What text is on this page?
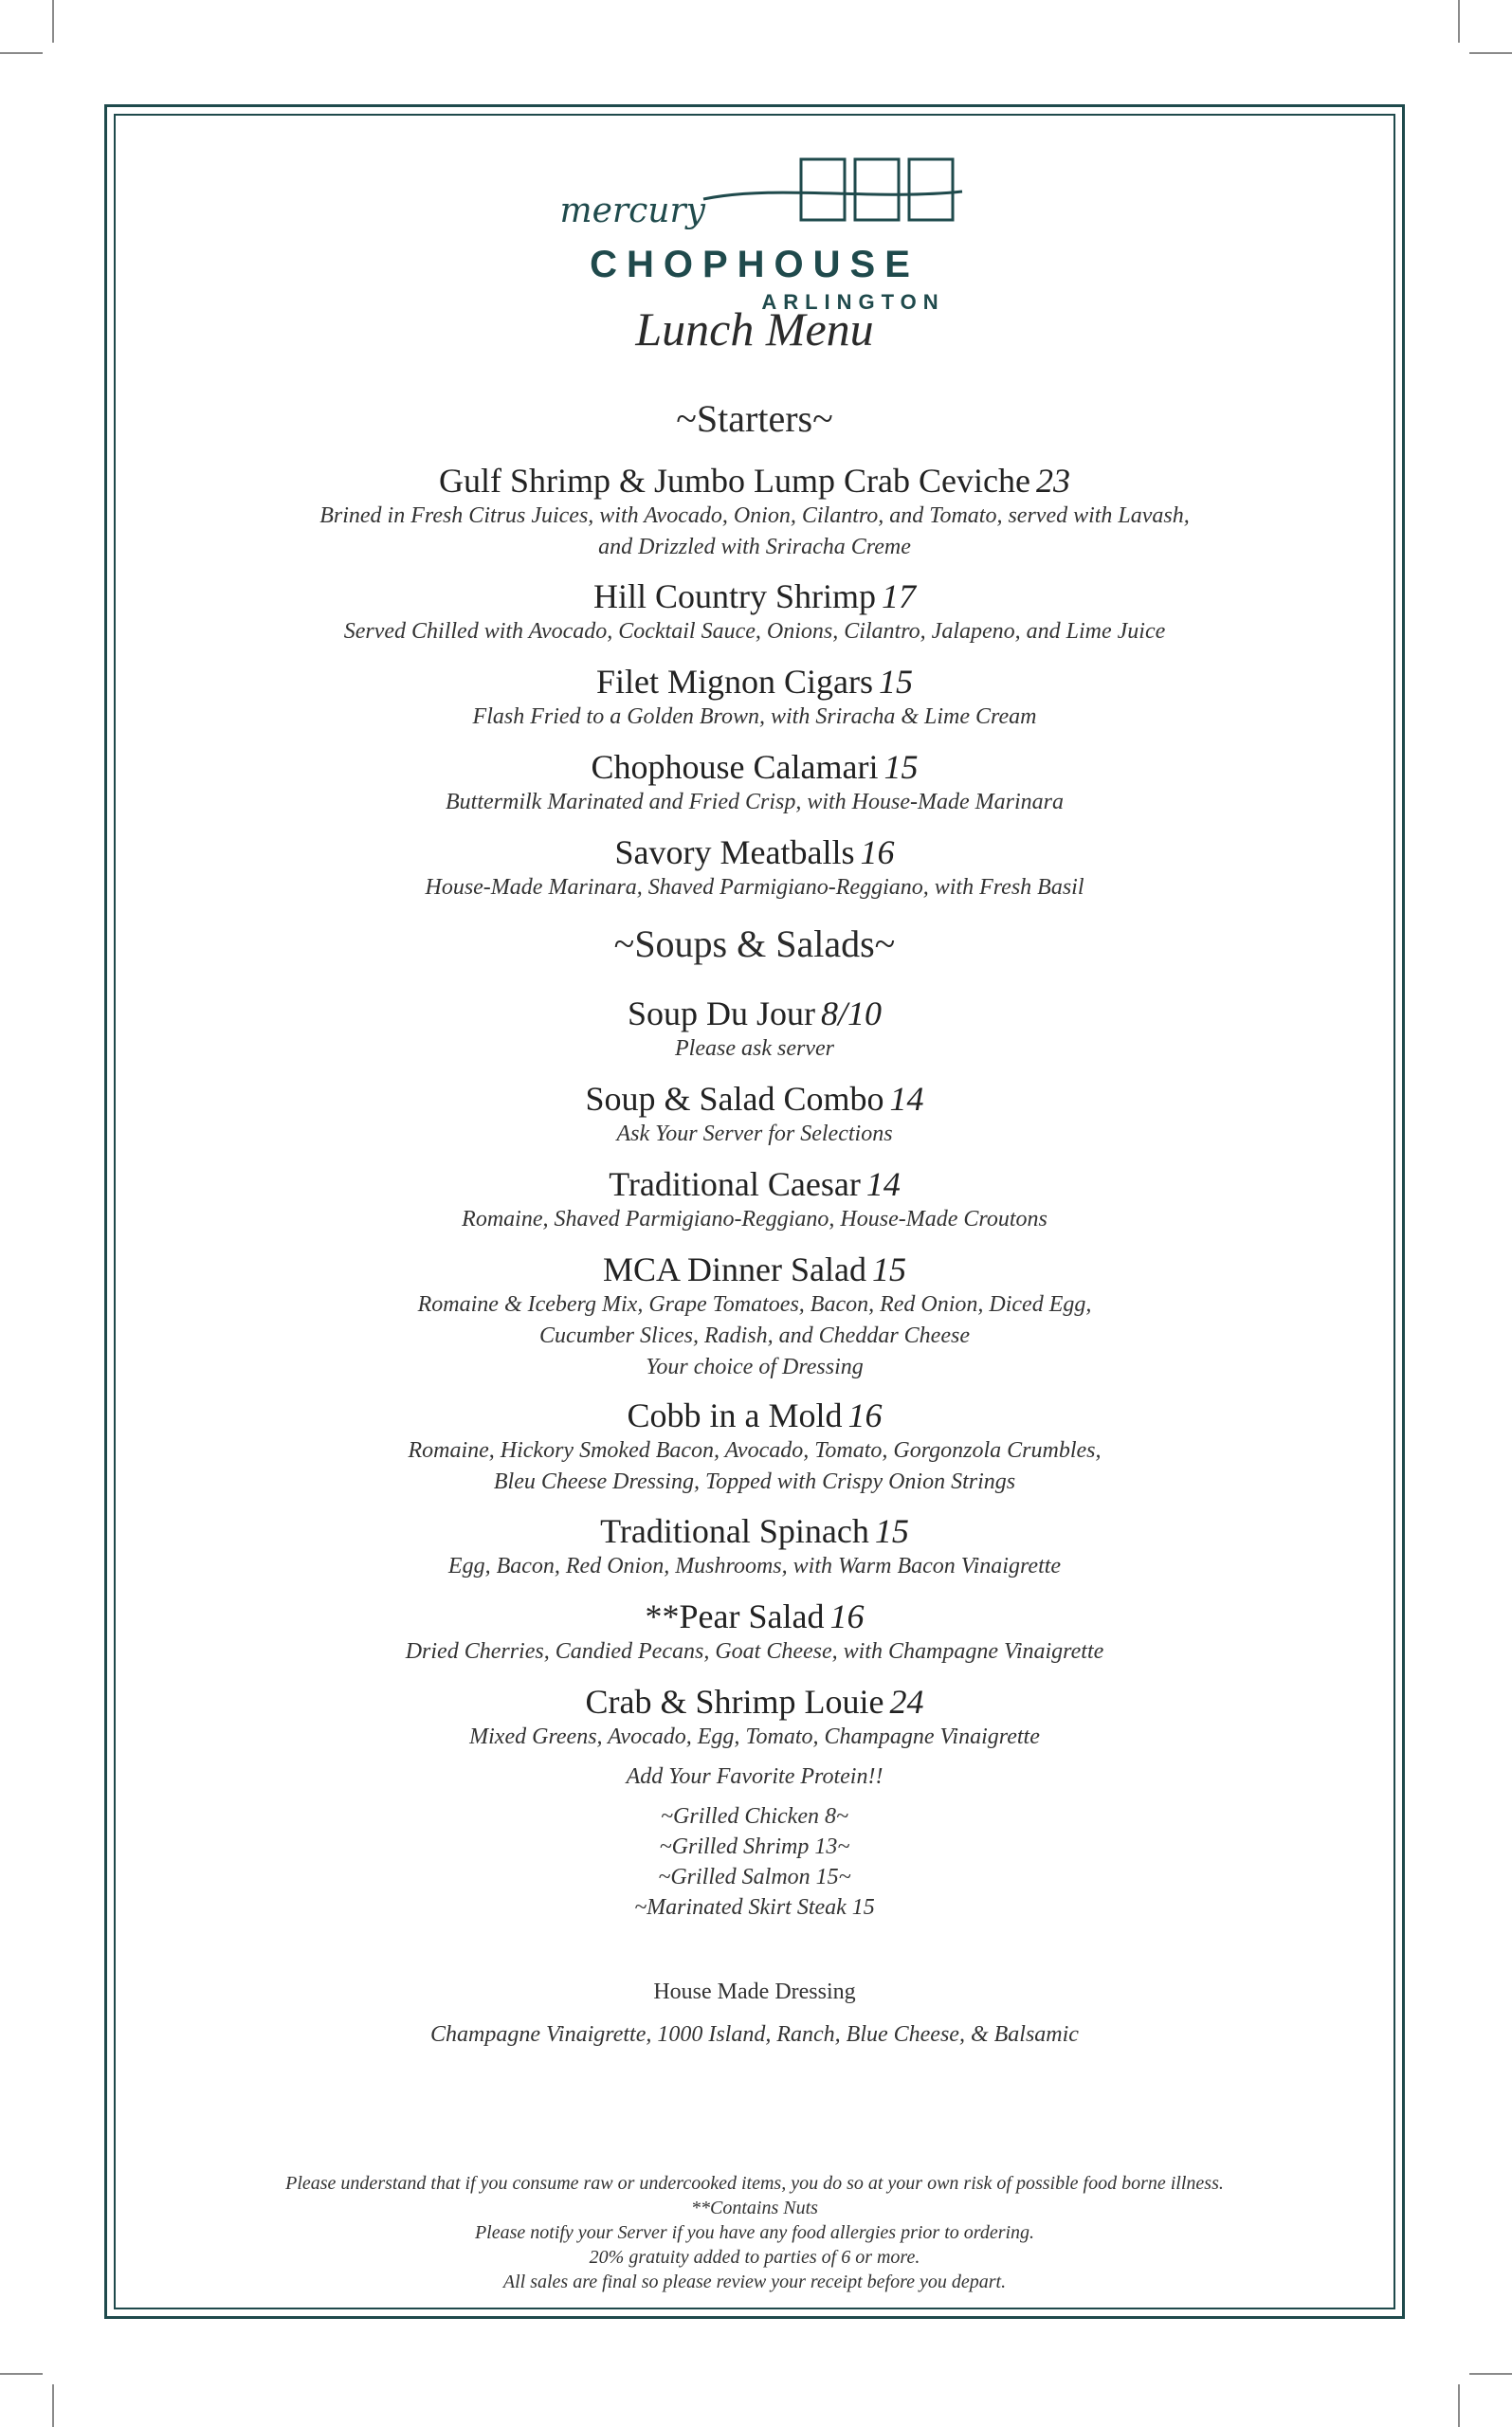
mercury
CHOPHOUSE
ARLINGTON
Lunch Menu
~Starters~
Gulf Shrimp & Jumbo Lump Crab Ceviche 23
Brined in Fresh Citrus Juices, with Avocado, Onion, Cilantro, and Tomato, served with Lavash,
and Drizzled with Sriracha Creme
Hill Country Shrimp 17
Served Chilled with Avocado, Cocktail Sauce, Onions, Cilantro, Jalapeno, and Lime Juice
Filet Mignon Cigars 15
Flash Fried to a Golden Brown, with Sriracha & Lime Cream
Chophouse Calamari 15
Buttermilk Marinated and Fried Crisp, with House-Made Marinara
Savory Meatballs 16
House-Made Marinara, Shaved Parmigiano-Reggiano, with Fresh Basil
~Soups & Salads~
Soup Du Jour 8/10
Please ask server
Soup & Salad Combo 14
Ask Your Server for Selections
Traditional Caesar 14
Romaine, Shaved Parmigiano-Reggiano, House-Made Croutons
MCA Dinner Salad 15
Romaine & Iceberg Mix, Grape Tomatoes, Bacon, Red Onion, Diced Egg,
Cucumber Slices, Radish, and Cheddar Cheese
Your choice of Dressing
Cobb in a Mold 16
Romaine, Hickory Smoked Bacon, Avocado, Tomato, Gorgonzola Crumbles,
Bleu Cheese Dressing, Topped with Crispy Onion Strings
Traditional Spinach 15
Egg, Bacon, Red Onion, Mushrooms, with Warm Bacon Vinaigrette
**Pear Salad 16
Dried Cherries, Candied Pecans, Goat Cheese, with Champagne Vinaigrette
Crab & Shrimp Louie 24
Mixed Greens, Avocado, Egg, Tomato, Champagne Vinaigrette
Add Your Favorite Protein!!
~Grilled Chicken 8~
~Grilled Shrimp 13~
~Grilled Salmon 15~
~Marinated Skirt Steak 15
House Made Dressing
Champagne Vinaigrette, 1000 Island, Ranch, Blue Cheese, & Balsamic
Please understand that if you consume raw or undercooked items, you do so at your own risk of possible food borne illness.
**Contains Nuts
Please notify your Server if you have any food allergies prior to ordering.
20% gratuity added to parties of 6 or more.
All sales are final so please review your receipt before you depart.
